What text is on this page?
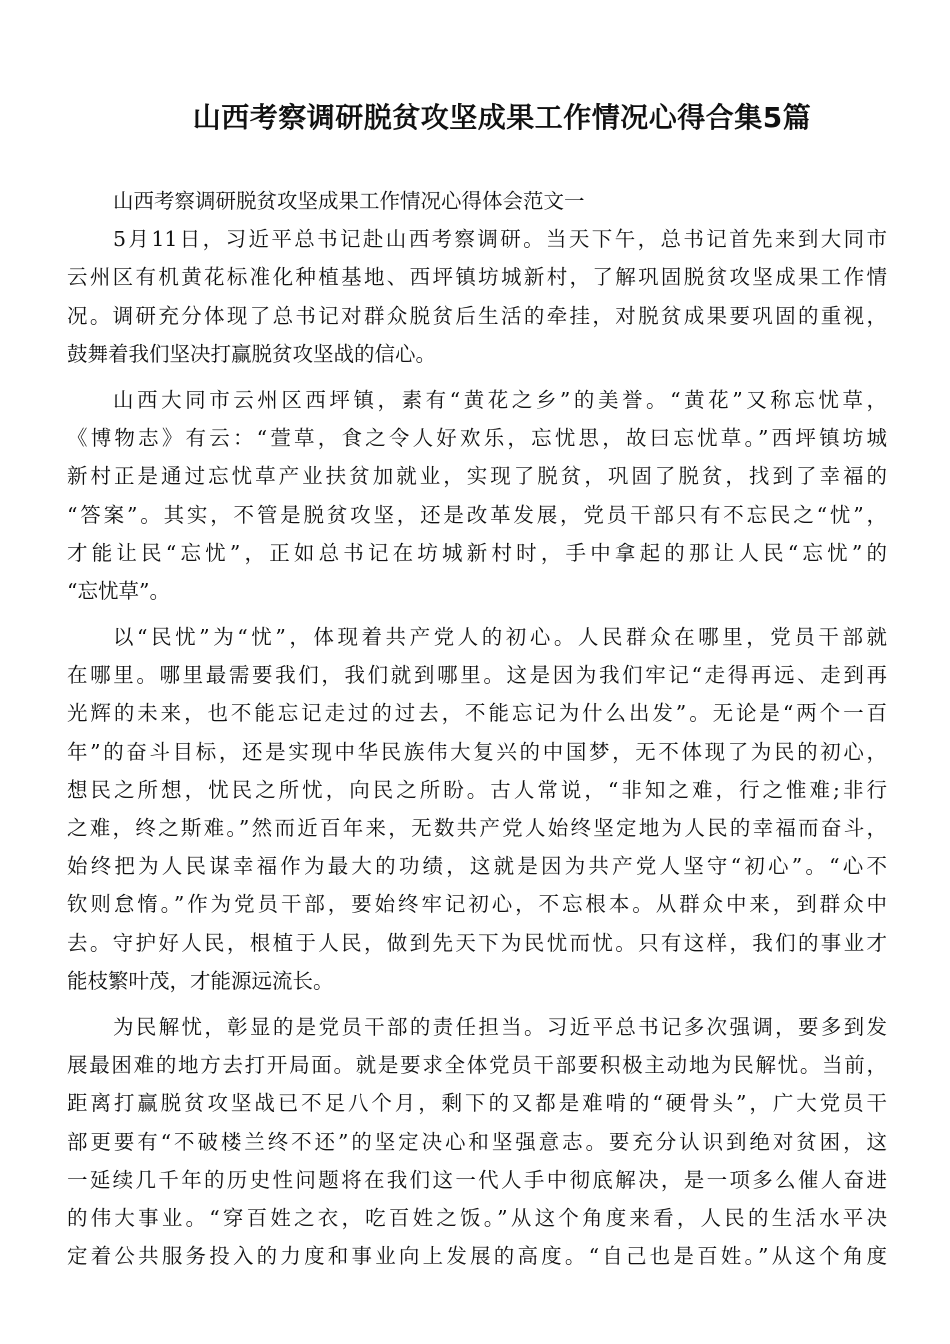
山西考察调研脱贫攻坚成果工作情况心得合集5篇
山西考察调研脱贫攻坚成果工作情况心得体会范文一
5月11日，习近平总书记赴山西考察调研。当天下午，总书记首先来到大同市
云州区有机黄花标准化种植基地、西坪镇坊城新村，了解巩固脱贫攻坚成果工作情
况。调研充分体现了总书记对群众脱贫后生活的牵挂，对脱贫成果要巩固的重视，
鼓舞着我们坚决打赢脱贫攻坚战的信心。
山西大同市云州区西坪镇，素有“黄花之乡”的美誉。“黄花”又称忘忧草，
《博物志》有云：“萱草，食之令人好欢乐，忘忧思，故曰忘忧草。”西坪镇坊城
新村正是通过忘忧草产业扶贫加就业，实现了脱贫，巩固了脱贫，找到了幸福的
“答案”。其实，不管是脱贫攻坚，还是改革发展，党员干部只有不忘民之“忧”，
才能让民“忘忧”，正如总书记在坊城新村时，手中拿起的那让人民“忘忧”的
“忘忧草”。
以“民忧”为“忧”，体现着共产党人的初心。人民群众在哪里，党员干部就
在哪里。哪里最需要我们，我们就到哪里。这是因为我们牢记“走得再远、走到再
光辉的未来，也不能忘记走过的过去，不能忘记为什么出发”。无论是“两个一百
年”的奋斗目标，还是实现中华民族伟大复兴的中国梦，无不体现了为民的初心，
想民之所想，忧民之所忧，向民之所盼。古人常说，“非知之难，行之惟难;非行
之难，终之斯难。”然而近百年来，无数共产党人始终坚定地为人民的幸福而奋斗，
始终把为人民谋幸福作为最大的功绩，这就是因为共产党人坚守“初心”。“心不
钦则怠惰。”作为党员干部，要始终牢记初心，不忘根本。从群众中来，到群众中
去。守护好人民，根植于人民，做到先天下为民忧而忧。只有这样，我们的事业才
能枝繁叶茂，才能源远流长。
为民解忧，彰显的是党员干部的责任担当。习近平总书记多次强调，要多到发
展最困难的地方去打开局面。就是要求全体党员干部要积极主动地为民解忧。当前，
距离打赢脱贫攻坚战已不足八个月，剩下的又都是难啃的“硬骨头”，广大党员干
部更要有“不破楼兰终不还”的坚定决心和坚强意志。要充分认识到绝对贫困，这
一延续几千年的历史性问题将在我们这一代人手中彻底解决，是一项多么催人奋进
的伟大事业。“穿百姓之衣，吃百姓之饭。”从这个角度来看，人民的生活水平决
定着公共服务投入的力度和事业向上发展的高度。“自己也是百姓。”从这个角度
